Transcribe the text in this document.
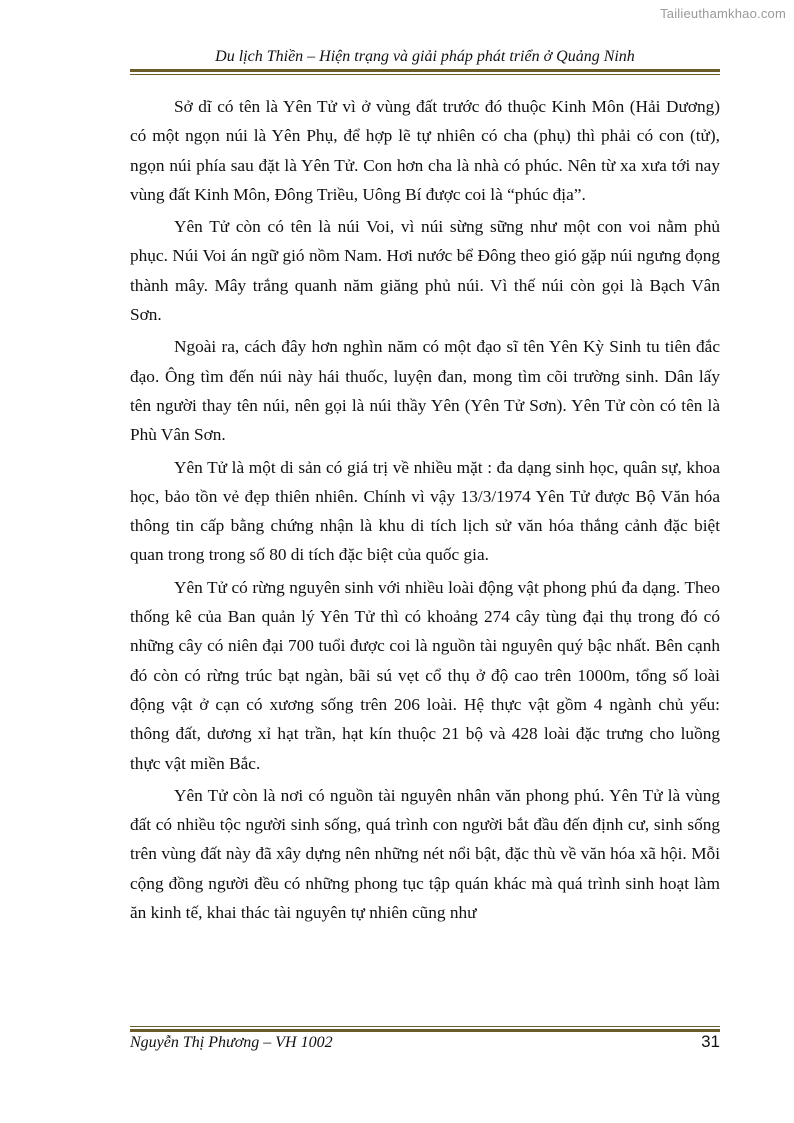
Tailieuthamkhao.com
Du lịch Thiền – Hiện trạng và giải pháp phát triển ở Quảng Ninh

Sở dĩ có tên là Yên Tử vì ở vùng đất trước đó thuộc Kinh Môn (Hải Dương) có một ngọn núi là Yên Phụ, để hợp lẽ tự nhiên có cha (phụ) thì phải có con (tử), ngọn núi phía sau đặt là Yên Tử. Con hơn cha là nhà có phúc. Nên từ xa xưa tới nay vùng đất Kinh Môn, Đông Triều, Uông Bí được coi là “phúc địa”.

Yên Tử còn có tên là núi Voi, vì núi sừng sững như một con voi nằm phủ phục. Núi Voi án ngữ gió nồm Nam. Hơi nước bể Đông theo gió gặp núi ngưng đọng thành mây. Mây trắng quanh năm giăng phủ núi. Vì thế núi còn gọi là Bạch Vân Sơn.

Ngoài ra, cách đây hơn nghìn năm có một đạo sĩ tên Yên Kỳ Sinh tu tiên đắc đạo. Ông tìm đến núi này hái thuốc, luyện đan, mong tìm cõi trường sinh. Dân lấy tên người thay tên núi, nên gọi là núi thầy Yên (Yên Tử Sơn). Yên Tử còn có tên là Phù Vân Sơn.

Yên Tử là một di sản có giá trị về nhiều mặt : đa dạng sinh học, quân sự, khoa học, bảo tồn vẻ đẹp thiên nhiên. Chính vì vậy 13/3/1974 Yên Tử được Bộ Văn hóa thông tin cấp bằng chứng nhận là khu di tích lịch sử văn hóa thắng cảnh đặc biệt quan trong trong số 80 di tích đặc biệt của quốc gia.

Yên Tử có rừng nguyên sinh với nhiều loài động vật phong phú đa dạng. Theo thống kê của Ban quản lý Yên Tử thì có khoảng 274 cây tùng đại thụ trong đó có những cây có niên đại 700 tuổi được coi là nguồn tài nguyên quý bậc nhất. Bên cạnh đó còn có rừng trúc bạt ngàn, bãi sú vẹt cổ thụ ở độ cao trên 1000m, tổng số loài động vật ở cạn có xương sống trên 206 loài. Hệ thực vật gồm 4 ngành chủ yếu: thông đất, dương xỉ hạt trần, hạt kín thuộc 21 bộ và 428 loài đặc trưng cho luồng thực vật miền Bắc.

Yên Tử còn là nơi có nguồn tài nguyên nhân văn phong phú. Yên Tử là vùng đất có nhiều tộc người sinh sống, quá trình con người bắt đầu đến định cư, sinh sống trên vùng đất này đã xây dựng nên những nét nổi bật, đặc thù về văn hóa xã hội. Mỗi cộng đồng người đều có những phong tục tập quán khác mà quá trình sinh hoạt làm ăn kinh tế, khai thác tài nguyên tự nhiên cũng như

Nguyễn Thị Phương – VH 1002	31
